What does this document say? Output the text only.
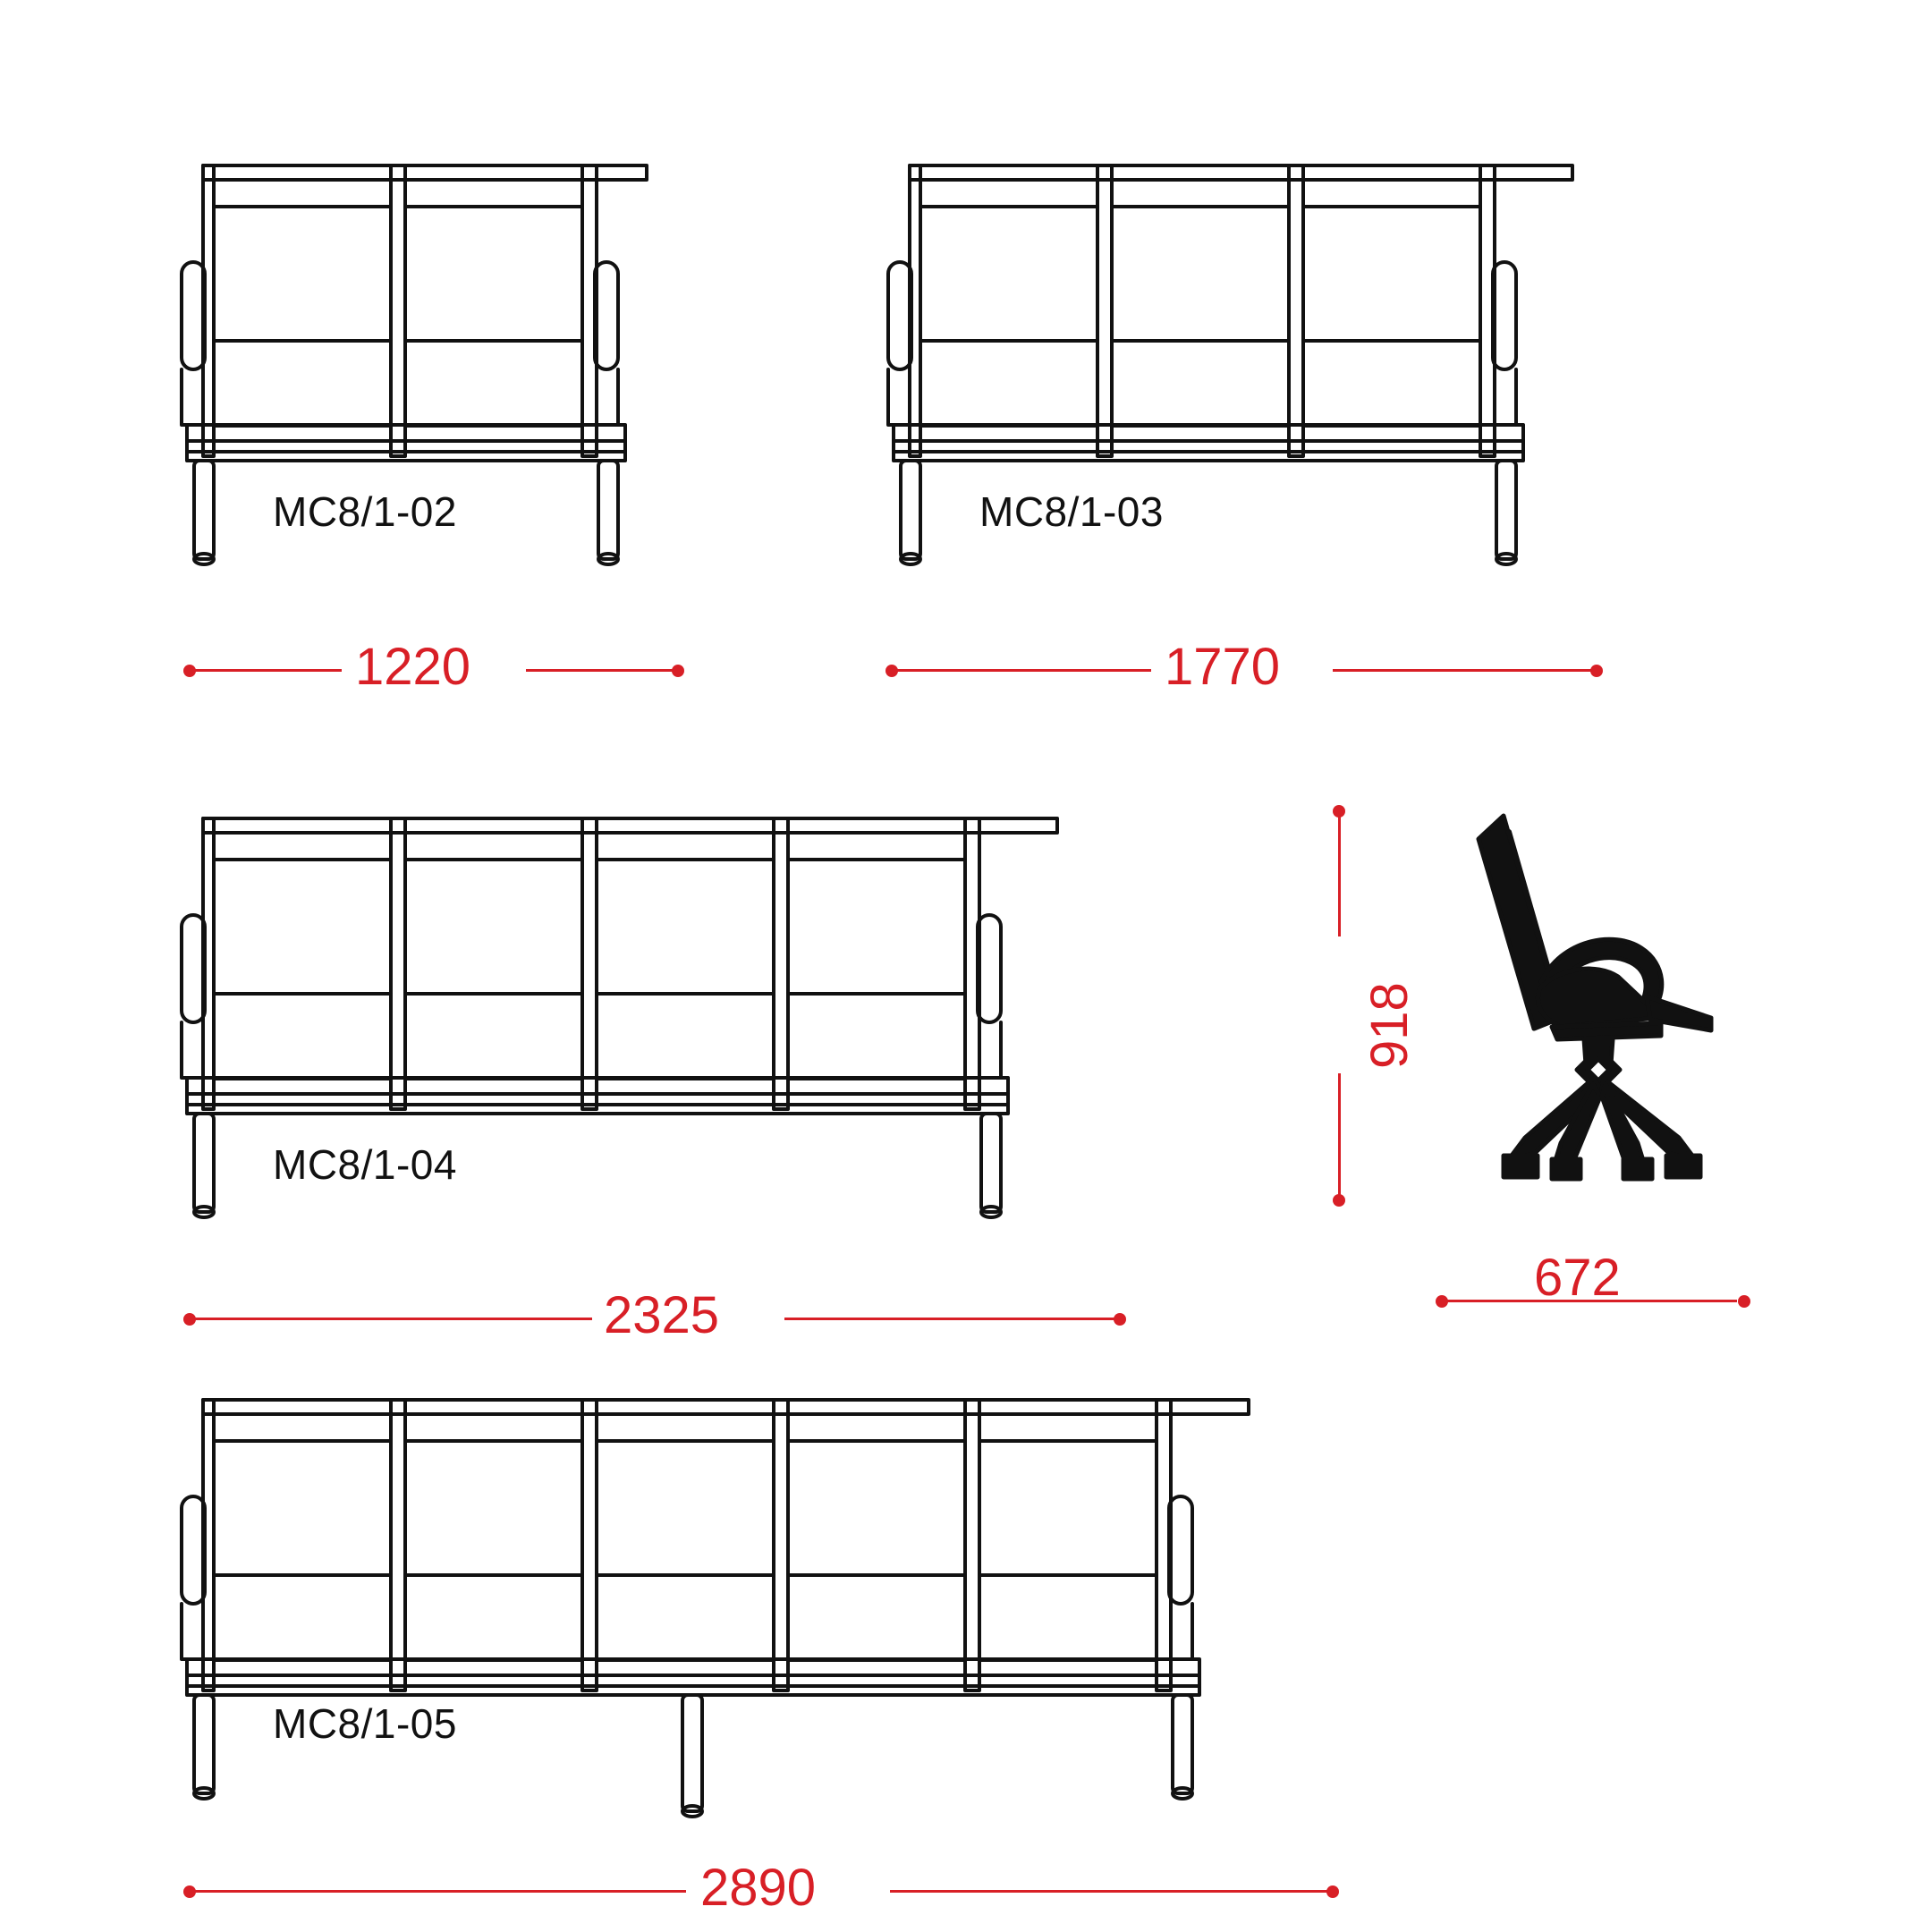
MC8/1-02
1220
MC8/1-03
1770
MC8/1-04
2325
MC8/1-05
2890
918
672
